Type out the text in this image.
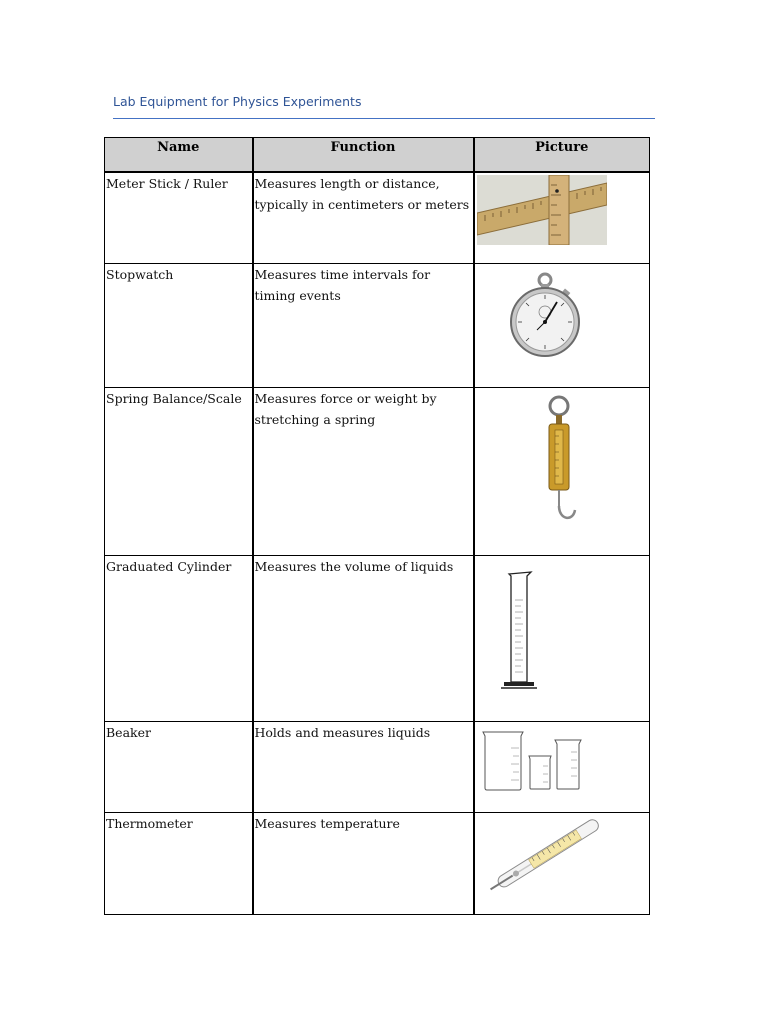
Lab Equipment for Physics Experiments
Name	Function	Picture
Meter Stick / Ruler	Measures length or distance, typically in centimeters or meters	

Stopwatch	Measures time intervals for timing events	

Spring Balance/Scale	Measures force or weight by stretching a spring	

Graduated Cylinder	Measures the volume of liquids	

Beaker	Holds and measures liquids	

Thermometer	Measures temperature	
